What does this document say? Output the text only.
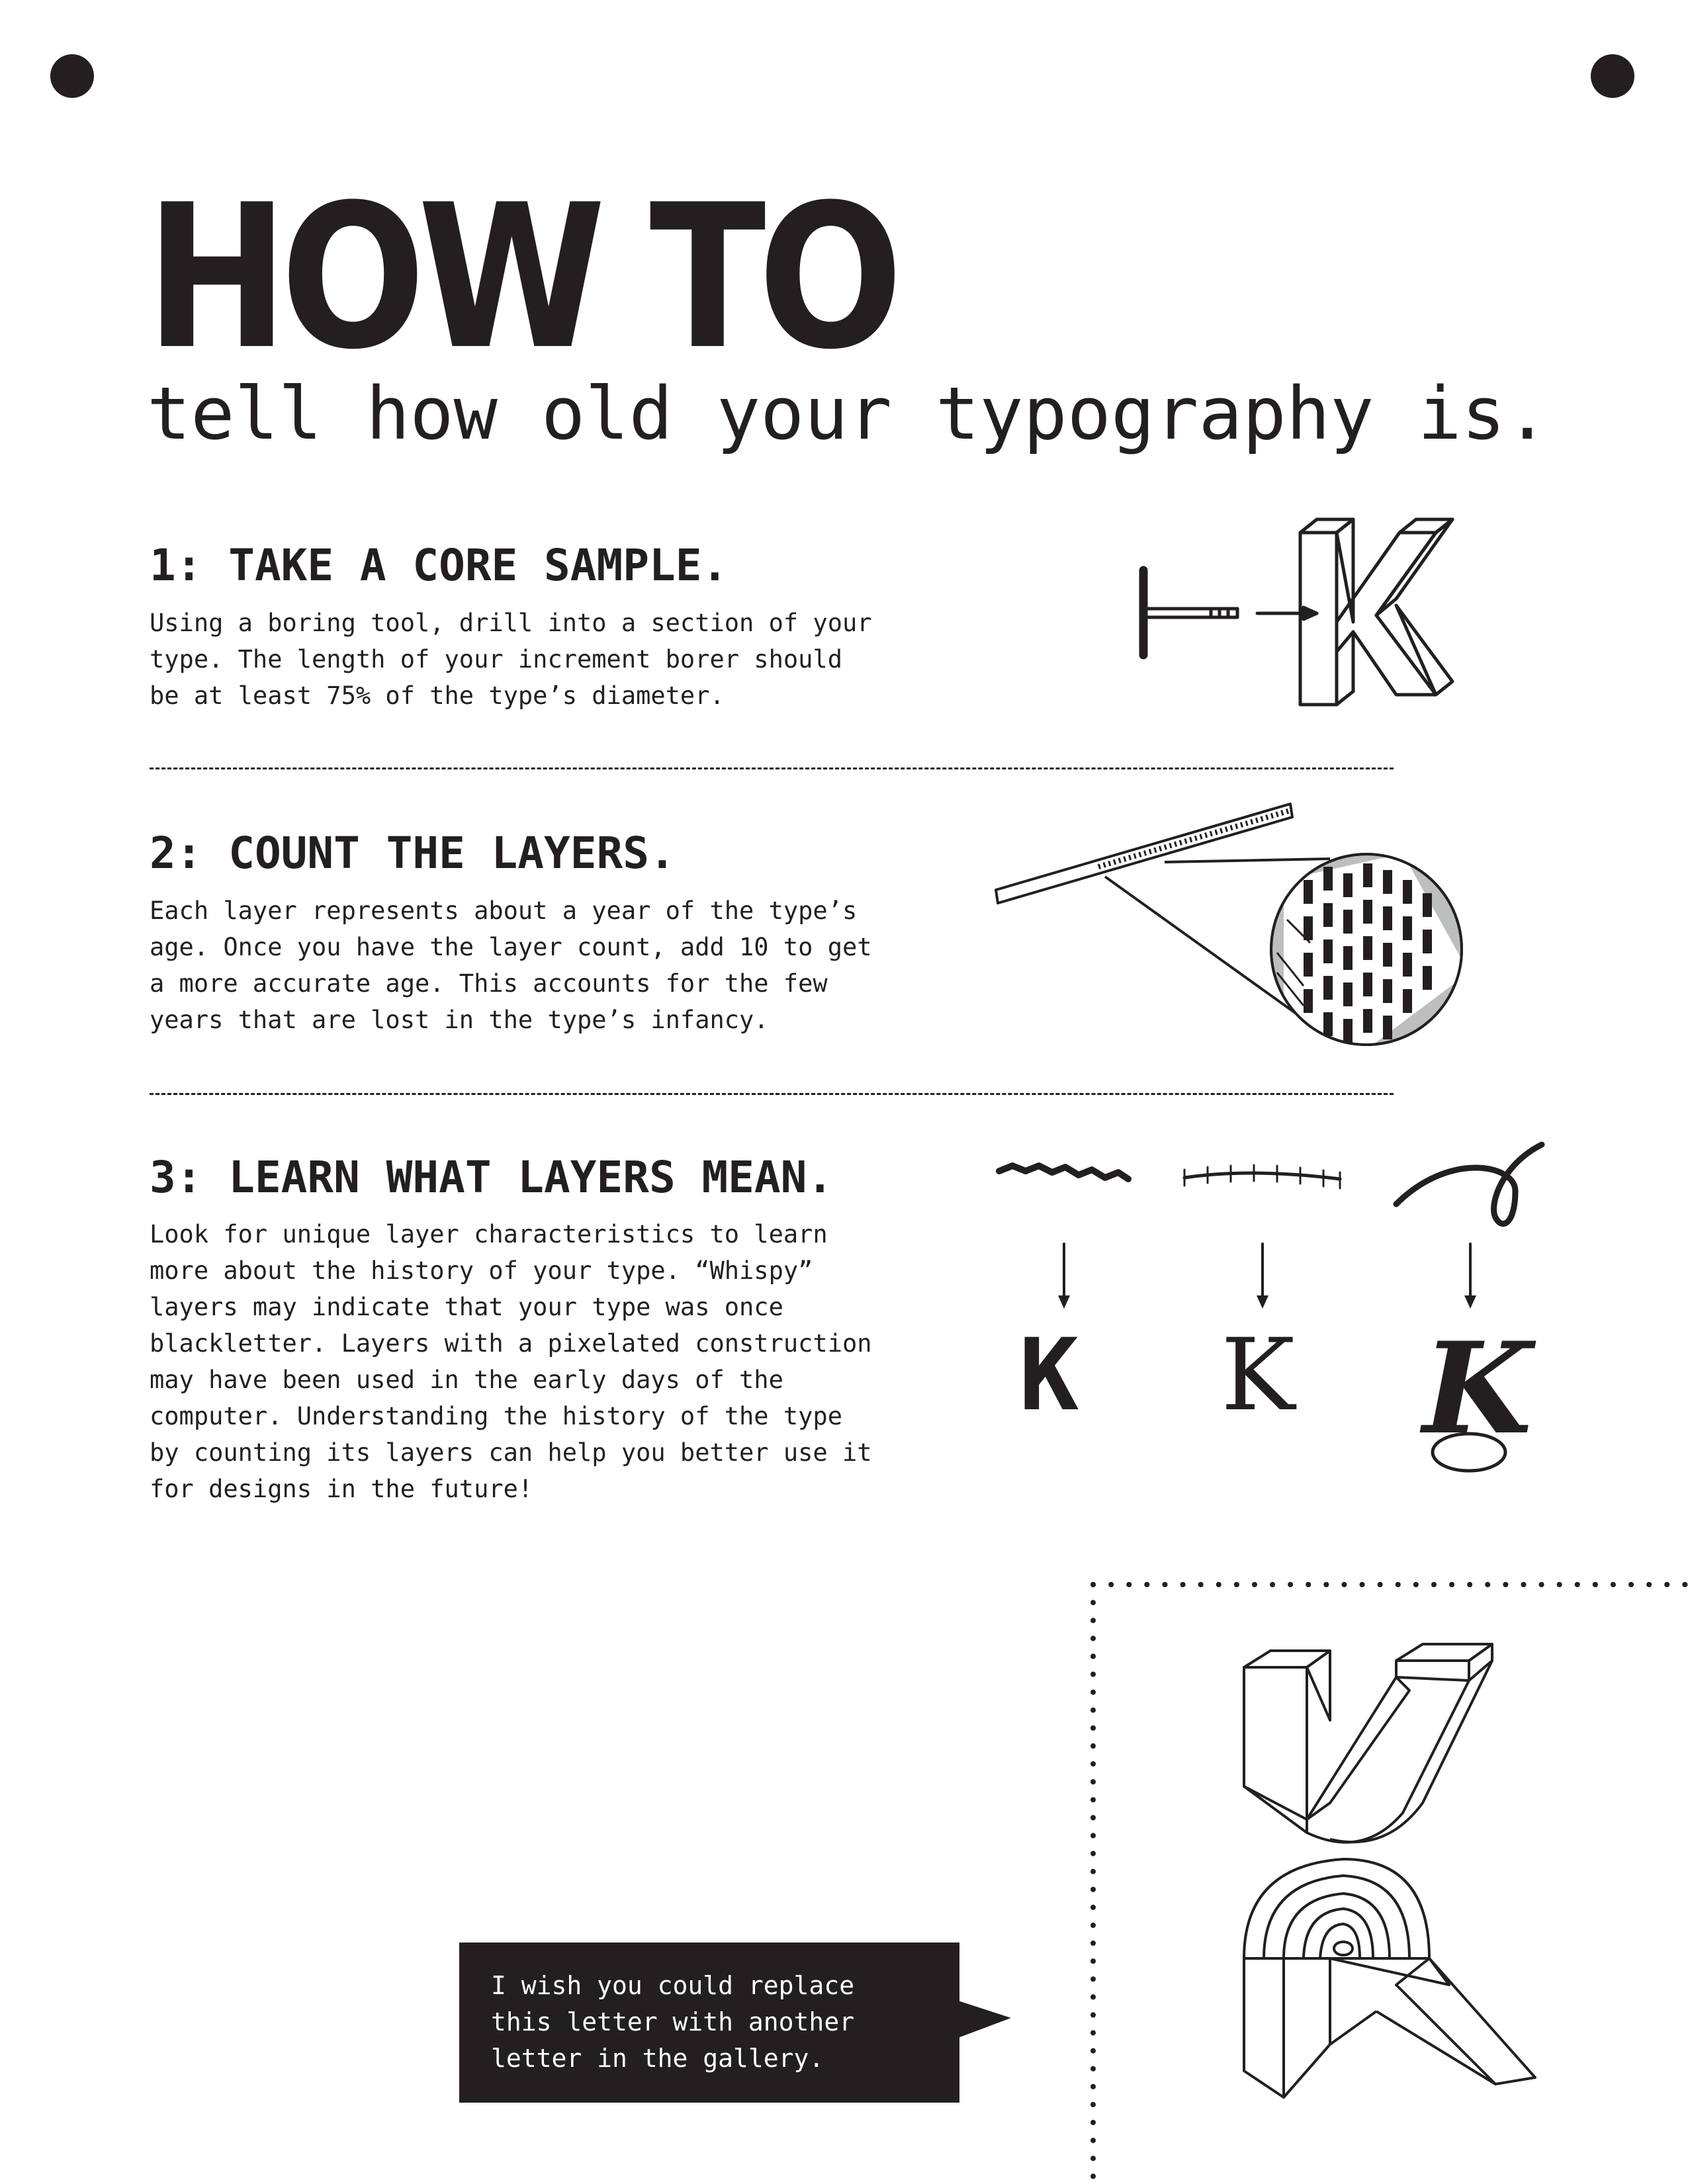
HOW TO
tell how old your typography is.
1: TAKE A CORE SAMPLE.
Using a boring tool, drill into a section of your
type. The length of your increment borer should
be at least 75% of the type’s diameter.
2: COUNT THE LAYERS.
Each layer represents about a year of the type’s
age. Once you have the layer count, add 10 to get
a more accurate age. This accounts for the few
years that are lost in the type’s infancy.
3: LEARN WHAT LAYERS MEAN.
Look for unique layer characteristics to learn
more about the history of your type. “Whispy”
layers may indicate that your type was once
blackletter. Layers with a pixelated construction
may have been used in the early days of the
computer. Understanding the history of the type
by counting its layers can help you better use it
for designs in the future!
K K K
I wish you could replace
this letter with another
letter in the gallery.
